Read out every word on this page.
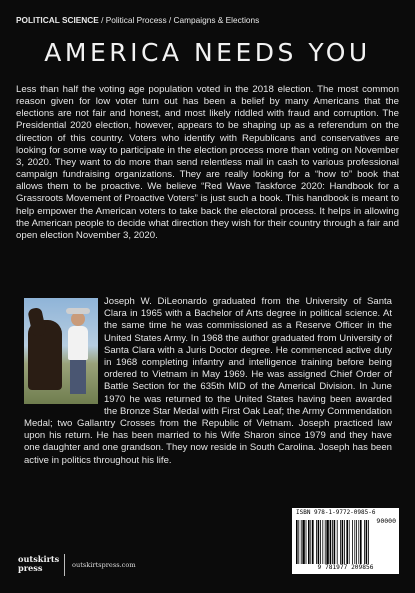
POLITICAL SCIENCE / Political Process / Campaigns & Elections
AMERICA NEEDS YOU
Less than half the voting age population voted in the 2018 election. The most common reason given for low voter turn out has been a belief by many Americans that the elections are not fair and honest, and most likely riddled with fraud and corruption. The Presidential 2020 election, however, appears to be shaping up as a referendum on the direction of this country. Voters who identify with Republicans and conservatives are looking for some way to participate in the election process more than voting on November 3, 2020. They want to do more than send relentless mail in cash to various professional campaign fundraising organizations. They are really looking for a “how to” book that allows them to be proactive. We believe “Red Wave Taskforce 2020: Handbook for a Grassroots Movement of Proactive Voters” is just such a book. This handbook is meant to help empower the American voters to take back the electoral process. It helps in allowing the American people to decide what direction they wish for their country through a fair and open election November 3, 2020.
Joseph W. DiLeonardo graduated from the University of Santa Clara in 1965 with a Bachelor of Arts degree in political science. At the same time he was commissioned as a Reserve Officer in the United States Army. In 1968 the author graduated from University of Santa Clara with a Juris Doctor degree. He commenced active duty in 1968 completing infantry and intelligence training before being ordered to Vietnam in May 1969. He was assigned Chief Order of Battle Section for the 635th MID of the Americal Division. In June 1970 he was returned to the United States having been awarded the Bronze Star Medal with First Oak Leaf; the Army Commendation Medal; two Gallantry Crosses from the Republic of Vietnam. Joseph practiced law upon his return. He has been married to his Wife Sharon since 1979 and they have one daughter and one grandson. They now reside in South Carolina. Joseph has been active in politics throughout his life.
ISBN 978-1-9772-0985-6
90000
9 781977 209856
outskirts
press	outskirtspress.com
